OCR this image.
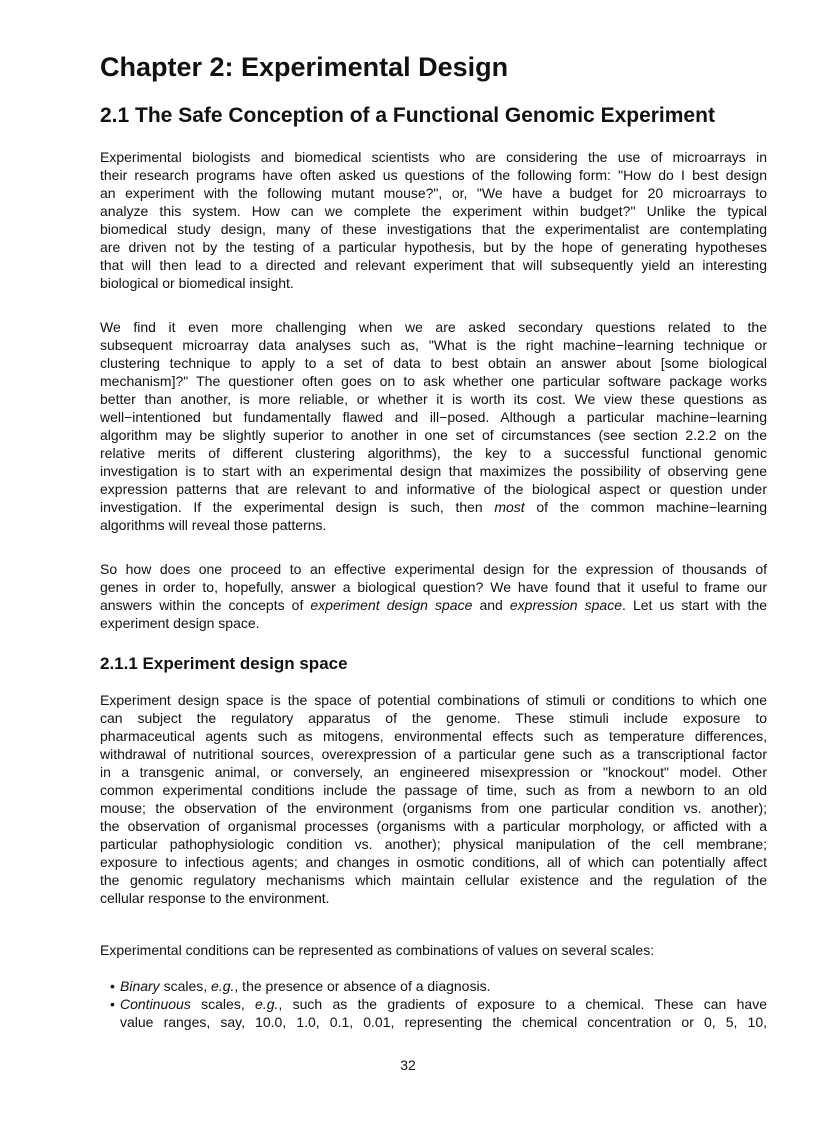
Chapter 2: Experimental Design
2.1 The Safe Conception of a Functional Genomic Experiment
2.1.1 Experiment design space
Experimental biologists and biomedical scientists who are considering the use of microarrays in
their research programs have often asked us questions of the following form: "How do I best design
an experiment with the following mutant mouse?", or, "We have a budget for 20 microarrays to
analyze this system. How can we complete the experiment within budget?" Unlike the typical
biomedical study design, many of these investigations that the experimentalist are contemplating
are driven not by the testing of a particular hypothesis, but by the hope of generating hypotheses
that will then lead to a directed and relevant experiment that will subsequently yield an interesting
biological or biomedical insight.
We find it even more challenging when we are asked secondary questions related to the
subsequent microarray data analyses such as, "What is the right machine−learning technique or
clustering technique to apply to a set of data to best obtain an answer about [some biological
mechanism]?" The questioner often goes on to ask whether one particular software package works
better than another, is more reliable, or whether it is worth its cost. We view these questions as
well−intentioned but fundamentally flawed and ill−posed. Although a particular machine−learning
algorithm may be slightly superior to another in one set of circumstances (see section 2.2.2 on the
relative merits of different clustering algorithms), the key to a successful functional genomic
investigation is to start with an experimental design that maximizes the possibility of observing gene
expression patterns that are relevant to and informative of the biological aspect or question under
investigation. If the experimental design is such, then most of the common machine−learning
algorithms will reveal those patterns.
So how does one proceed to an effective experimental design for the expression of thousands of
genes in order to, hopefully, answer a biological question? We have found that it useful to frame our
answers within the concepts of experiment design space and expression space. Let us start with the
experiment design space.
Experiment design space is the space of potential combinations of stimuli or conditions to which one
can subject the regulatory apparatus of the genome. These stimuli include exposure to
pharmaceutical agents such as mitogens, environmental effects such as temperature differences,
withdrawal of nutritional sources, overexpression of a particular gene such as a transcriptional factor
in a transgenic animal, or conversely, an engineered misexpression or "knockout" model. Other
common experimental conditions include the passage of time, such as from a newborn to an old
mouse; the observation of the environment (organisms from one particular condition vs. another);
the observation of organismal processes (organisms with a particular morphology, or afficted with a
particular pathophysiologic condition vs. another); physical manipulation of the cell membrane;
exposure to infectious agents; and changes in osmotic conditions, all of which can potentially affect
the genomic regulatory mechanisms which maintain cellular existence and the regulation of the
cellular response to the environment.
Experimental conditions can be represented as combinations of values on several scales:
• Binary scales, e.g., the presence or absence of a diagnosis.
• Continuous scales, e.g., such as the gradients of exposure to a chemical. These can have
value ranges, say, 10.0, 1.0, 0.1, 0.01, representing the chemical concentration or 0, 5, 10,
32
